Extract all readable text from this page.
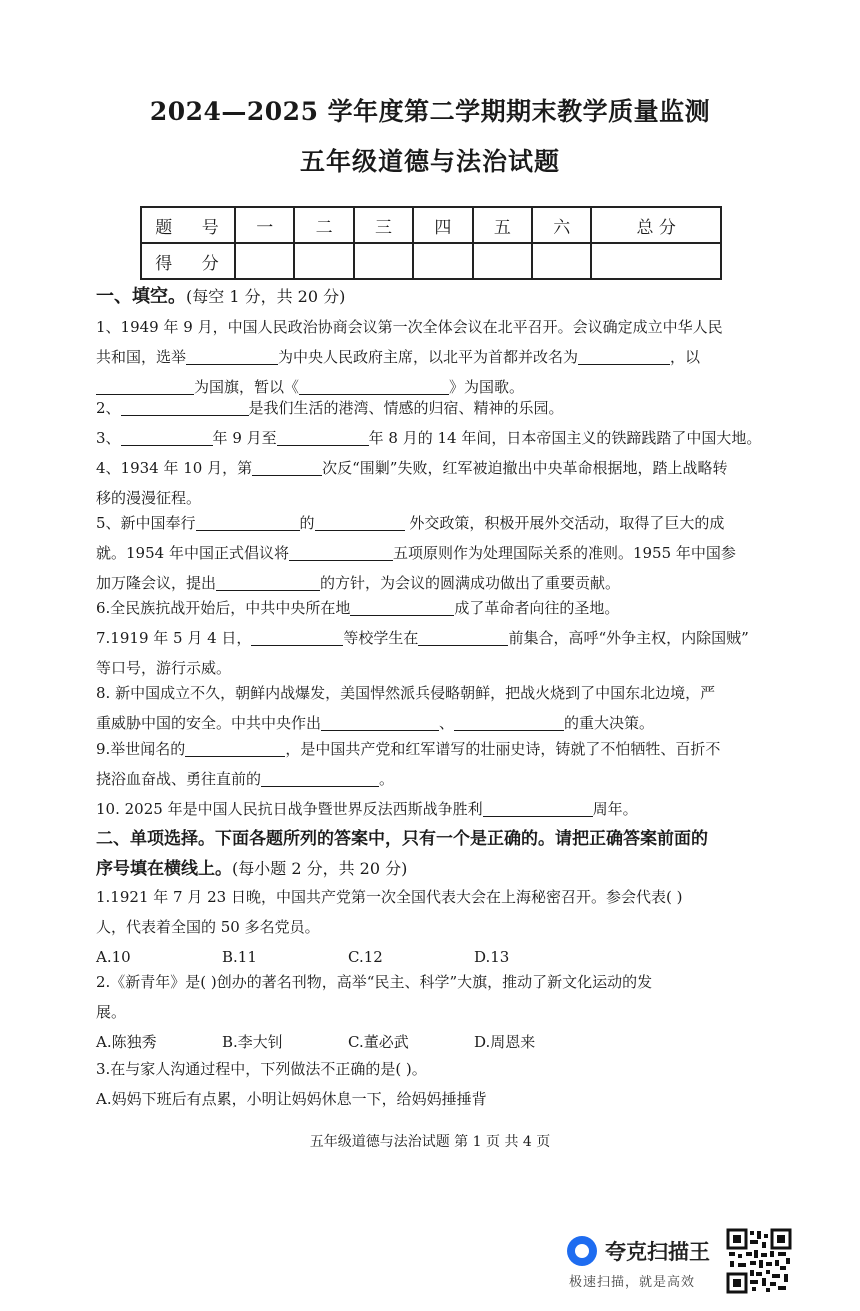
2024—2025 学年度第二学期期末教学质量监测
五年级道德与法治试题
题 号	一	二	三	四	五	六	总 分
得 分							
一、填空。(每空 1 分，共 20 分)
1、1949 年 9 月，中国人民政治协商会议第一次全体会议在北平召开。会议确定成立中华人民
共和国，选举	为中央人民政府主席，以北平为首都并改名为	，以
为国旗，暂以《	》为国歌。
2、	是我们生活的港湾、情感的归宿、精神的乐园。
3、	年 9 月至	年 8 月的 14 年间，日本帝国主义的铁蹄践踏了中国大地。
4、1934 年 10 月，第	次反“围剿”失败，红军被迫撤出中央革命根据地，踏上战略转
移的漫漫征程。
5、新中国奉行	的	外交政策，积极开展外交活动，取得了巨大的成
就。1954 年中国正式倡议将	五项原则作为处理国际关系的准则。1955 年中国参
加万隆会议，提出	的方针，为会议的圆满成功做出了重要贡献。
6.全民族抗战开始后，中共中央所在地	成了革命者向往的圣地。
7.1919 年 5 月 4 日，	等校学生在	前集合，高呼“外争主权，内除国贼”
等口号，游行示威。
8. 新中国成立不久，朝鲜内战爆发，美国悍然派兵侵略朝鲜，把战火烧到了中国东北边境，严
重威胁中国的安全。中共中央作出	、	的重大决策。
9.举世闻名的	，是中国共产党和红军谱写的壮丽史诗，铸就了不怕牺牲、百折不
挠浴血奋战、勇往直前的	。
10. 2025 年是中国人民抗日战争暨世界反法西斯战争胜利	周年。
二、单项选择。下面各题所列的答案中，只有一个是正确的。请把正确答案前面的
序号填在横线上。(每小题 2 分，共 20 分)
1.1921 年 7 月 23 日晚，中国共产党第一次全国代表大会在上海秘密召开。参会代表( )
人，代表着全国的 50 多名党员。
A.10	B.11	C.12	D.13
2.《新青年》是( )创办的著名刊物，高举“民主、科学”大旗，推动了新文化运动的发
展。
A.陈独秀	B.李大钊	C.董必武	D.周恩来
3.在与家人沟通过程中，下列做法不正确的是( )。
A.妈妈下班后有点累，小明让妈妈休息一下，给妈妈捶捶背
五年级道德与法治试题 第 1 页 共 4 页
夸克扫描王
极速扫描，就是高效
